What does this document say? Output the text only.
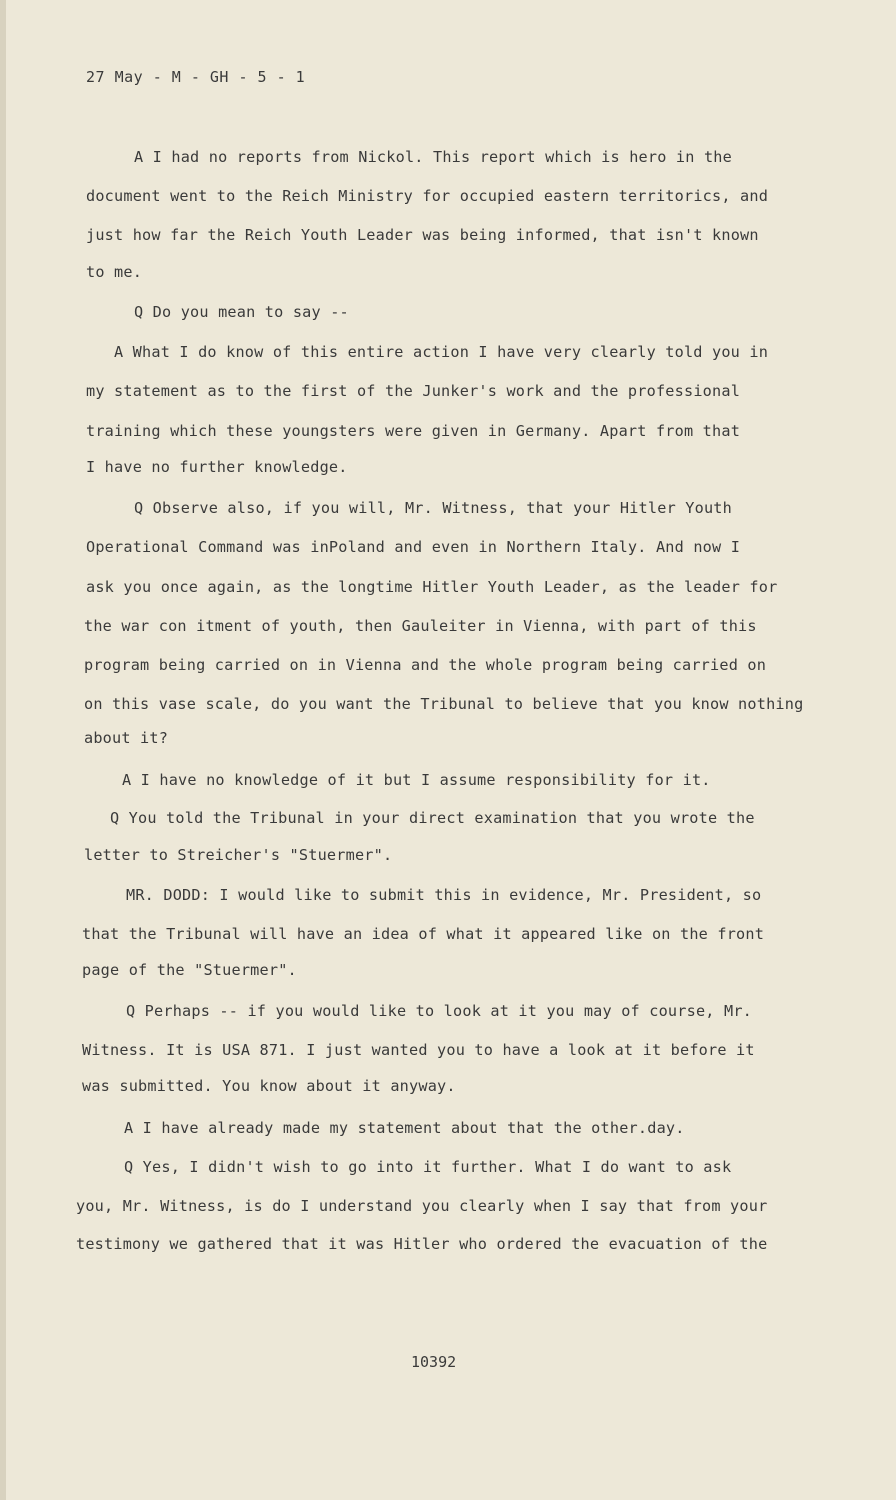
27 May - M - GH - 5 - 1
A I had no reports from Nickol. This report which is hero in the
document went to the Reich Ministry for occupied eastern territorics, and
just how far the Reich Youth Leader was being informed, that isn't known
to me.
Q Do you mean to say --
A What I do know of this entire action I have very clearly told you in
my statement as to the first of the Junker's work and the professional
training which these youngsters were given in Germany. Apart from that
I have no further knowledge.
Q Observe also, if you will, Mr. Witness, that your Hitler Youth
Operational Command was inPoland and even in Northern Italy. And now I
ask you once again, as the longtime Hitler Youth Leader, as the leader for
the war con itment of youth, then Gauleiter in Vienna, with part of this
program being carried on in Vienna and the whole program being carried on
on this vase scale, do you want the Tribunal to believe that you know nothing
about it?
A I have no knowledge of it but I assume responsibility for it.
Q You told the Tribunal in your direct examination that you wrote the
letter to Streicher's "Stuermer".
MR. DODD: I would like to submit this in evidence, Mr. President, so
that the Tribunal will have an idea of what it appeared like on the front
page of the "Stuermer".
Q Perhaps -- if you would like to look at it you may of course, Mr.
Witness. It is USA 871. I just wanted you to have a look at it before it
was submitted. You know about it anyway.
A I have already made my statement about that the other.day.
Q Yes, I didn't wish to go into it further. What I do want to ask
you, Mr. Witness, is do I understand you clearly when I say that from your
testimony we gathered that it was Hitler who ordered the evacuation of the
10392
